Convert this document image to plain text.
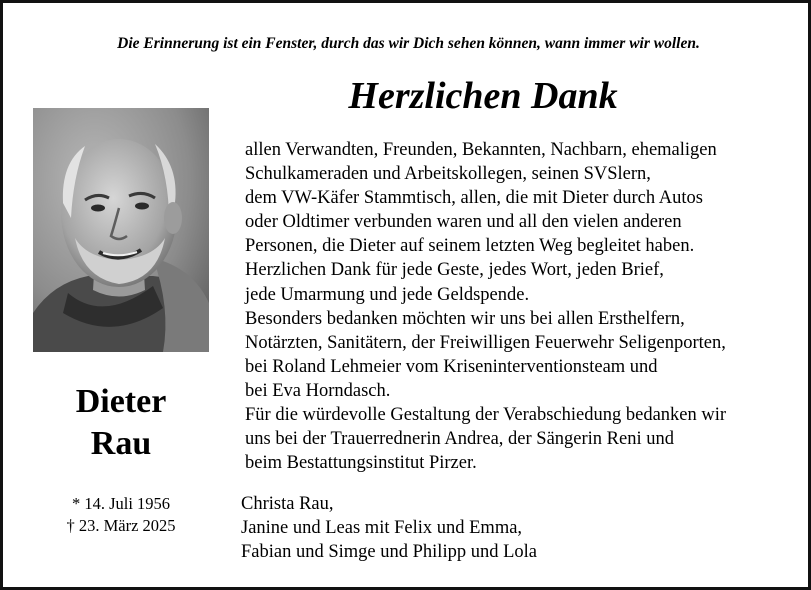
Die Erinnerung ist ein Fenster, durch das wir Dich sehen können, wann immer wir wollen.
Herzlichen Dank
Dieter
Rau
* 14. Juli 1956
† 23. März 2025
allen Verwandten, Freunden, Bekannten, Nachbarn, ehemaligen
Schulkameraden und Arbeitskollegen, seinen SVSlern,
dem VW-Käfer Stammtisch, allen, die mit Dieter durch Autos
oder Oldtimer verbunden waren und all den vielen anderen
Personen, die Dieter auf seinem letzten Weg begleitet haben.
Herzlichen Dank für jede Geste, jedes Wort, jeden Brief,
jede Umarmung und jede Geldspende.
Besonders bedanken möchten wir uns bei allen Ersthelfern,
Notärzten, Sanitätern, der Freiwilligen Feuerwehr Seligenporten,
bei Roland Lehmeier vom Kriseninterventionsteam und
bei Eva Horndasch.
Für die würdevolle Gestaltung der Verabschiedung bedanken wir
uns bei der Trauerrednerin Andrea, der Sängerin Reni und
beim Bestattungsinstitut Pirzer.
Christa Rau,
Janine und Leas mit Felix und Emma,
Fabian und Simge und Philipp und Lola
